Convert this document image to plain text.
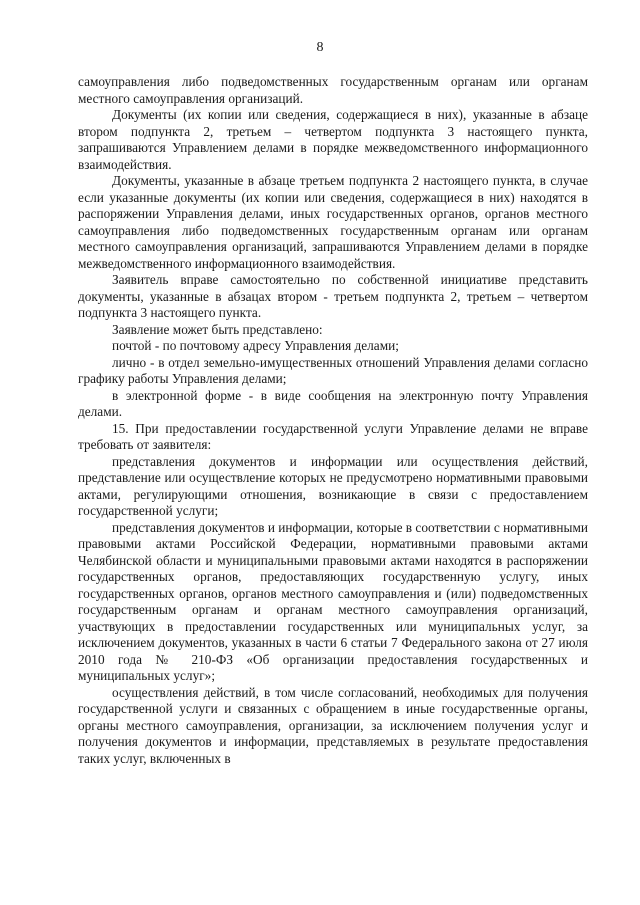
8

самоуправления либо подведомственных государственным органам или органам местного самоуправления организаций.

Документы (их копии или сведения, содержащиеся в них), указанные в абзаце втором подпункта 2, третьем – четвертом подпункта 3 настоящего пункта, запрашиваются Управлением делами в порядке межведомственного информационного взаимодействия.

Документы, указанные в абзаце третьем подпункта 2 настоящего пункта, в случае если указанные документы (их копии или сведения, содержащиеся в них) находятся в распоряжении Управления делами, иных государственных органов, органов местного самоуправления либо подведомственных государственным органам или органам местного самоуправления организаций, запрашиваются Управлением делами в порядке межведомственного информационного взаимодействия.

Заявитель вправе самостоятельно по собственной инициативе представить документы, указанные в абзацах втором - третьем подпункта 2, третьем – четвертом подпункта 3 настоящего пункта.

Заявление может быть представлено:

почтой - по почтовому адресу Управления делами;

лично - в отдел земельно-имущественных отношений Управления делами согласно графику работы Управления делами;

в электронной форме - в виде сообщения на электронную почту Управления делами.

15. При предоставлении государственной услуги Управление делами не вправе требовать от заявителя:

представления документов и информации или осуществления действий, представление или осуществление которых не предусмотрено нормативными правовыми актами, регулирующими отношения, возникающие в связи с предоставлением государственной услуги;

представления документов и информации, которые в соответствии с нормативными правовыми актами Российской Федерации, нормативными правовыми актами Челябинской области и муниципальными правовыми актами находятся в распоряжении государственных органов, предоставляющих государственную услугу, иных государственных органов, органов местного самоуправления и (или) подведомственных государственным органам и органам местного самоуправления организаций, участвующих в предоставлении государственных или муниципальных услуг, за исключением документов, указанных в части 6 статьи 7 Федерального закона от 27 июля 2010 года № 210-ФЗ «Об организации предоставления государственных и муниципальных услуг»;

осуществления действий, в том числе согласований, необходимых для получения государственной услуги и связанных с обращением в иные государственные органы, органы местного самоуправления, организации, за исключением получения услуг и получения документов и информации, представляемых в результате предоставления таких услуг, включенных в
